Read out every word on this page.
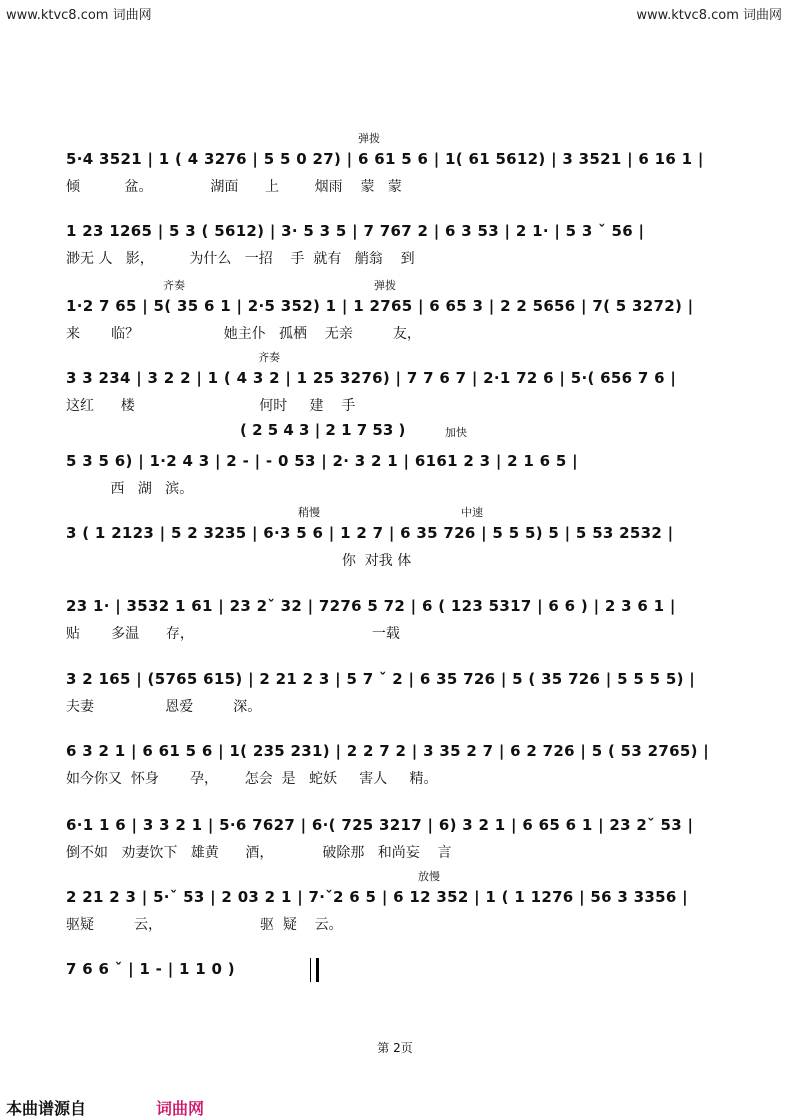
www.ktvc8.com 词曲网	www.ktvc8.com 词曲网
( 2 5 4 3 | 2 1 7 53 )	加快
5·4 3521 | 1 ( 4 3276 | 5 5 0 27) | 6 61 5 6 | 1( 61 5612) | 3 3521 | 6 16 1 |
倾          盆。             湖面      上        烟雨    蒙   蒙
弹拨
1 23 1265 | 5 3 ( 5612) | 3· 5 3 5 | 7 767 2 | 6 3 53 | 2 1· | 5 3 ˇ 56 |
渺无 人   影，        为什么   一招    手  就有   艄翁    到
1·2 7 65 | 5( 35 6 1 | 2·5 352) 1 | 1 2765 | 6 65 3 | 2 2 5656 | 7( 5 3272) |
来       临？                   她主仆   孤栖    无亲         友，
齐奏	弹拨
3 3 234 | 3 2 2 | 1 ( 4 3 2 | 1 25 3276) | 7 7 6 7 | 2·1 72 6 | 5·( 656 7 6 |
这红      楼                            何时     建    手
齐奏
5 3 5 6) | 1·2 4 3 | 2 - | - 0 53 | 2· 3 2 1 | 6161 2 3 | 2 1 6 5 |
西   湖   滨。
3 ( 1 2123 | 5 2 3235 | 6·3 5 6 | 1 2 7 | 6 35 726 | 5 5 5) 5 | 5 53 2532 |
你  对我 体
稍慢	中速
23 1· | 3532 1 61 | 23 2ˇ 32 | 7276 5 72 | 6 ( 123 5317 | 6 6 ) | 2 3 6 1 |
贴       多温      存，                                        一载
3 2 165 | (5765 615) | 2 21 2 3 | 5 7 ˇ 2 | 6 35 726 | 5 ( 35 726 | 5 5 5 5) |
夫妻                恩爱         深。
6 3 2 1 | 6 61 5 6 | 1( 235 231) | 2 2 7 2 | 3 35 2 7 | 6 2 726 | 5 ( 53 2765) |
如今你又  怀身       孕，      怎会  是   蛇妖     害人     精。
6·1 1 6 | 3 3 2 1 | 5·6 7627 | 6·( 725 3217 | 6) 3 2 1 | 6 65 6 1 | 23 2ˇ 53 |
倒不如   劝妻饮下   雄黄      酒，           破除那   和尚妄    言
2 21 2 3 | 5·ˇ 53 | 2 03 2 1 | 7·ˇ2 6 5 | 6 12 352 | 1 ( 1 1276 | 56 3 3356 |
驱疑         云，                      驱  疑    云。
放慢
7 6 6 ˇ | 1 - | 1 1 0 )
第 2页
本曲谱源自	词曲网
